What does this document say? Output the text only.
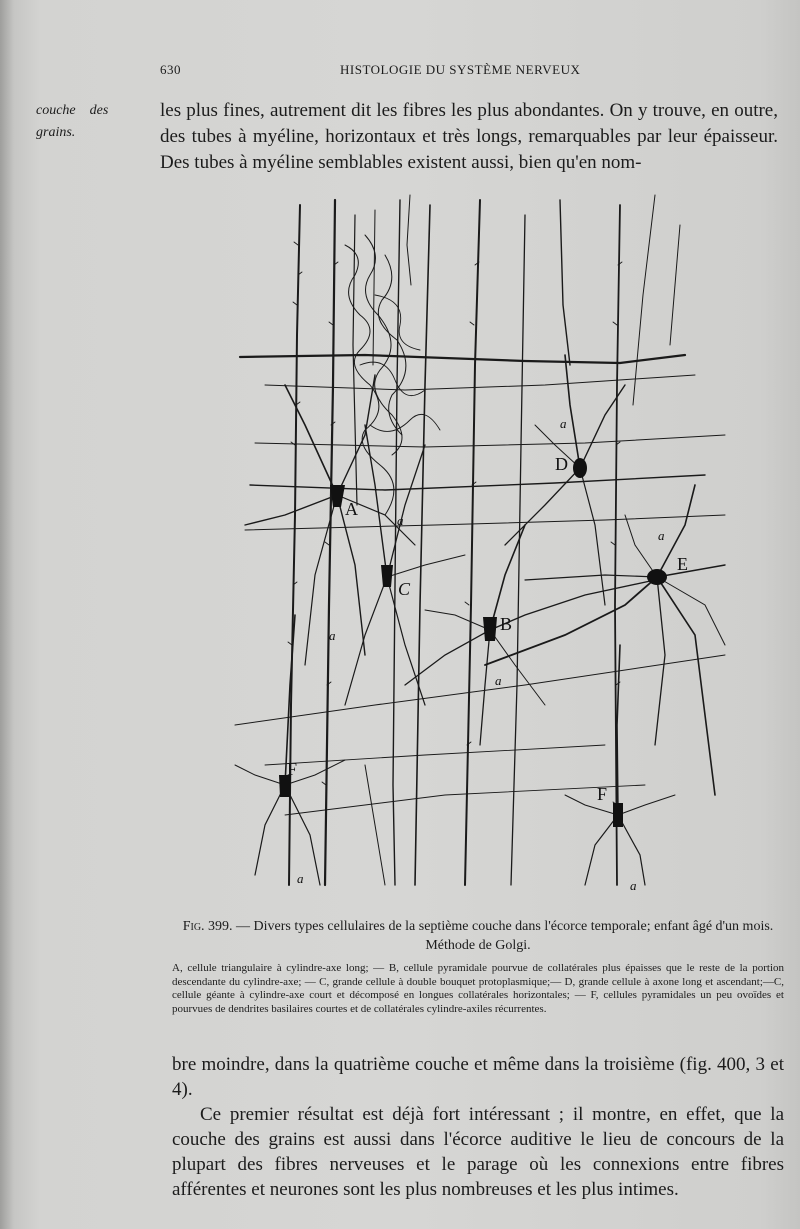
630	HISTOLOGIE DU SYSTÈME NERVEUX
couche des
grains.

les plus fines, autrement dit les fibres les plus abondantes. On y trouve, en outre, des tubes à myéline, horizontaux et très longs, remarquables par leur épaisseur. Des tubes à myéline semblables existent aussi, bien qu'en nom-

A
B
C
D
E
F
F
a
a
a
a
a
a	a

Fig. 399. — Divers types cellulaires de la septième couche dans l'écorce temporale; enfant âgé d'un mois. Méthode de Golgi.

A, cellule triangulaire à cylindre-axe long; — B, cellule pyramidale pourvue de collatérales plus épaisses que le reste de la portion descendante du cylindre-axe; — C, grande cellule à double bouquet protoplasmique;— D, grande cellule à axone long et ascendant;—C, cellule géante à cylindre-axe court et décomposé en longues collatérales horizontales; — F, cellules pyramidales un peu ovoïdes et pourvues de dendrites basilaires courtes et de collatérales cylindre-axiles récurrentes.

bre moindre, dans la quatrième couche et même dans la troisième (fig. 400, 3 et 4).

Ce premier résultat est déjà fort intéressant ; il montre, en effet, que la couche des grains est aussi dans l'écorce auditive le lieu de concours de la plupart des fibres nerveuses et le parage où les connexions entre fibres afférentes et neurones sont les plus nombreuses et les plus intimes.
